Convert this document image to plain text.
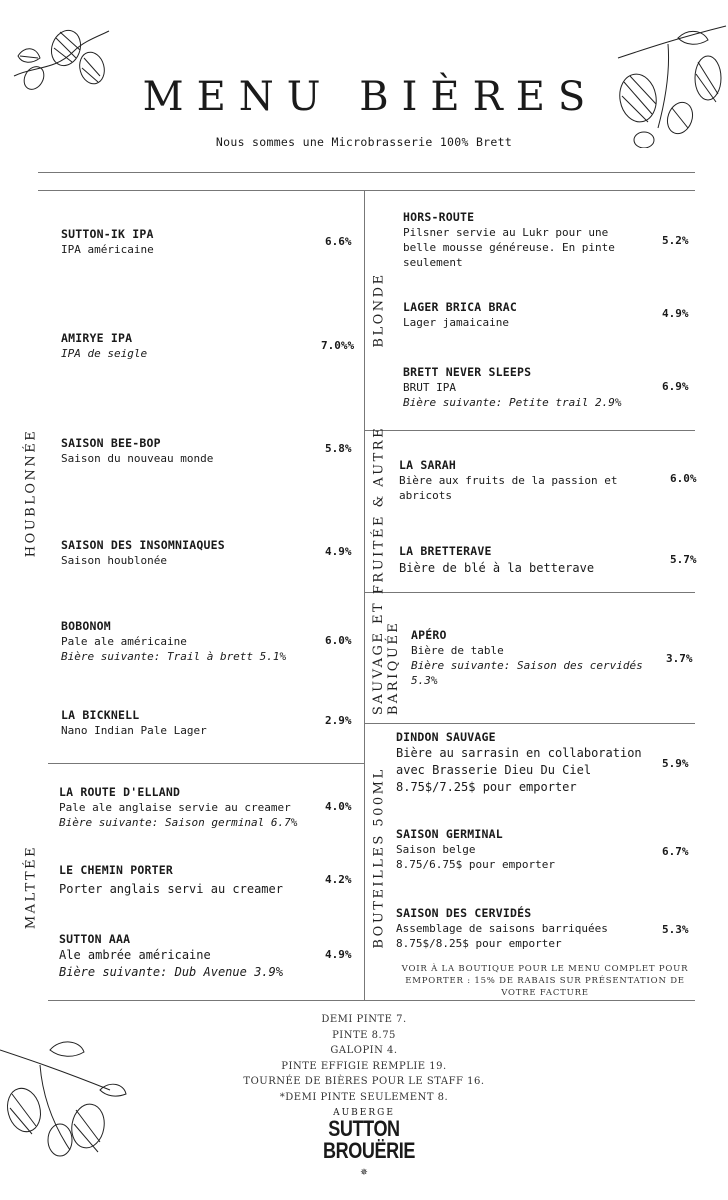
MENU BIÈRES
Nous sommes une Microbrasserie 100% Brett
HOUBLONNÉE
MALTTÉE
BLONDE
FRUITÉE & AUTRE
SAUVAGE ET BARIQUÉE
BOUTEILLES 500ML
SUTTON-IK IPA
IPA américaine
6.6%
AMIRYE IPA
IPA de seigle
7.0%%
SAISON BEE-BOP
Saison du nouveau monde
5.8%
SAISON DES INSOMNIAQUES
Saison houblonée
4.9%
BOBONOM
Pale ale américaine
Bière suivante: Trail à brett 5.1%
6.0%
LA BICKNELL
Nano Indian Pale Lager
2.9%
LA ROUTE D'ELLAND
Pale ale anglaise servie au creamer
Bière suivante: Saison germinal 6.7%
4.0%
LE CHEMIN PORTER
Porter anglais servi au creamer
4.2%
SUTTON AAA
Ale ambrée américaine
Bière suivante: Dub Avenue 3.9%
4.9%
HORS-ROUTE
Pilsner servie au Lukr pour une
belle mousse généreuse. En pinte
seulement
5.2%
LAGER BRICA BRAC
Lager jamaicaine
4.9%
BRETT NEVER SLEEPS
BRUT IPA
Bière suivante: Petite trail 2.9%
6.9%
LA SARAH
Bière aux fruits de la passion et
abricots
6.0%
LA BRETTERAVE
Bière de blé à la betterave
5.7%
APÉRO
Bière de table
Bière suivante: Saison des cervidés
5.3%
3.7%
DINDON SAUVAGE
Bière au sarrasin en collaboration
avec Brasserie Dieu Du Ciel
8.75$/7.25$ pour emporter
5.9%
SAISON GERMINAL
Saison belge
8.75/6.75$ pour emporter
6.7%
SAISON DES CERVIDÉS
Assemblage de saisons barriquées
8.75$/8.25$ pour emporter
5.3%
VOIR À LA BOUTIQUE POUR LE MENU COMPLET POUR
EMPORTER : 15% DE RABAIS SUR PRÉSENTATION DE
VOTRE FACTURE
DEMI PINTE 7.
PINTE 8.75
GALOPIN 4.
PINTE EFFIGIE REMPLIE 19.
TOURNÉE DE BIÈRES POUR LE STAFF 16.
*DEMI PINTE SEULEMENT 8.
AUBERGE
SUTTON
BROUËRIE
✵
